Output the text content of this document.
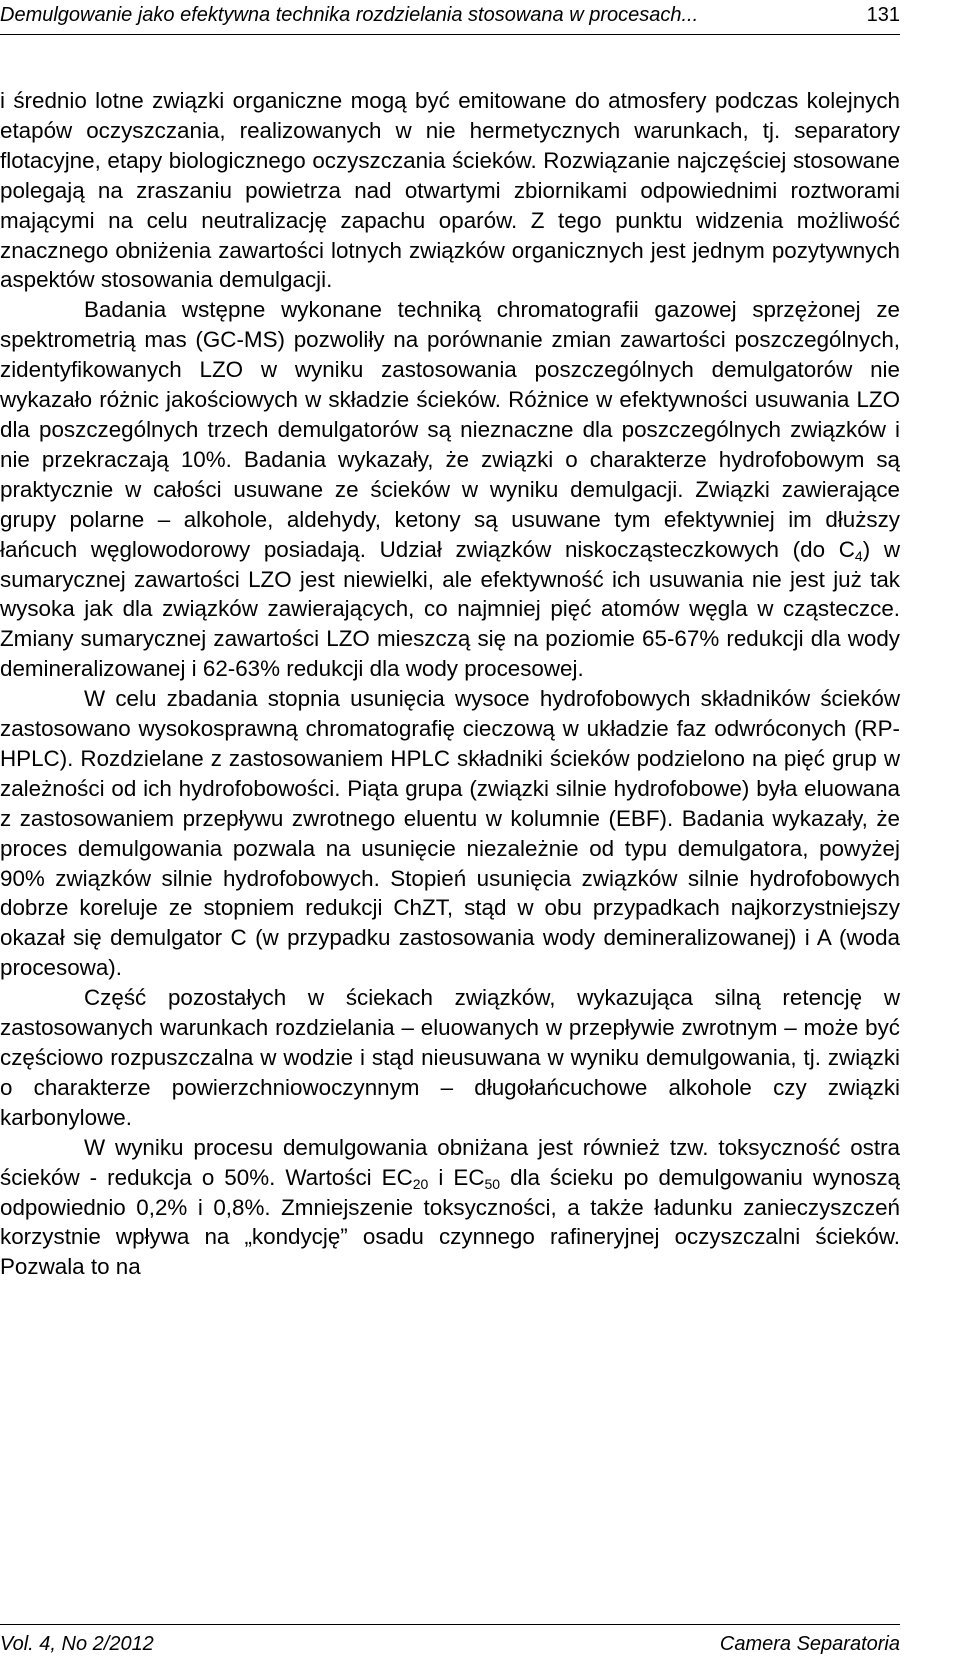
Demulgowanie jako efektywna technika rozdzielania stosowana w procesach...	131

i średnio lotne związki organiczne mogą być emitowane do atmosfery podczas kolejnych etapów oczyszczania, realizowanych w nie hermetycznych warunkach, tj. separatory flotacyjne, etapy biologicznego oczyszczania ścieków. Rozwiązanie najczęściej stosowane polegają na zraszaniu powietrza nad otwartymi zbiornikami odpowiednimi roztworami mającymi na celu neutralizację zapachu oparów. Z tego punktu widzenia możliwość znacznego obniżenia zawartości lotnych związków organicznych jest jednym pozytywnych aspektów stosowania demulgacji.

Badania wstępne wykonane techniką chromatografii gazowej sprzężonej ze spektrometrią mas (GC-MS) pozwoliły na porównanie zmian zawartości poszczególnych, zidentyfikowanych LZO w wyniku zastosowania poszczególnych demulgatorów nie wykazało różnic jakościowych w składzie ścieków. Różnice w efektywności usuwania LZO dla poszczególnych trzech demulgatorów są nieznaczne dla poszczególnych związków i nie przekraczają 10%. Badania wykazały, że związki o charakterze hydrofobowym są praktycznie w całości usuwane ze ścieków w wyniku demulgacji. Związki zawierające grupy polarne – alkohole, aldehydy, ketony są usuwane tym efektywniej im dłuższy łańcuch węglowodorowy posiadają. Udział związków niskocząsteczkowych (do $C_4$) w sumarycznej zawartości LZO jest niewielki, ale efektywność ich usuwania nie jest już tak wysoka jak dla związków zawierających, co najmniej pięć atomów węgla w cząsteczce. Zmiany sumarycznej zawartości LZO mieszczą się na poziomie 65-67% redukcji dla wody demineralizowanej i 62-63% redukcji dla wody procesowej.

W celu zbadania stopnia usunięcia wysoce hydrofobowych składników ścieków zastosowano wysokosprawną chromatografię cieczową w układzie faz odwróconych (RP-HPLC). Rozdzielane z zastosowaniem HPLC składniki ścieków podzielono na pięć grup w zależności od ich hydrofobowości. Piąta grupa (związki silnie hydrofobowe) była eluowana z zastosowaniem przepływu zwrotnego eluentu w kolumnie (EBF). Badania wykazały, że proces demulgowania pozwala na usunięcie niezależnie od typu demulgatora, powyżej 90% związków silnie hydrofobowych. Stopień usunięcia związków silnie hydrofobowych dobrze koreluje ze stopniem redukcji ChZT, stąd w obu przypadkach najkorzystniejszy okazał się demulgator C (w przypadku zastosowania wody demineralizowanej) i A (woda procesowa).

Część pozostałych w ściekach związków, wykazująca silną retencję w zastosowanych warunkach rozdzielania – eluowanych w przepływie zwrotnym – może być częściowo rozpuszczalna w wodzie i stąd nieusuwana w wyniku demulgowania, tj. związki o charakterze powierzchniowoczynnym – długołańcuchowe alkohole czy związki karbonylowe.

W wyniku procesu demulgowania obniżana jest również tzw. toksyczność ostra ścieków - redukcja o 50%. Wartości $EC_{20}$ i $EC_{50}$ dla ścieku po demulgowaniu wynoszą odpowiednio 0,2% i 0,8%. Zmniejszenie toksyczności, a także ładunku zanieczyszczeń korzystnie wpływa na „kondycję” osadu czynnego rafineryjnej oczyszczalni ścieków. Pozwala to na

Vol. 4, No 2/2012	Camera Separatoria
